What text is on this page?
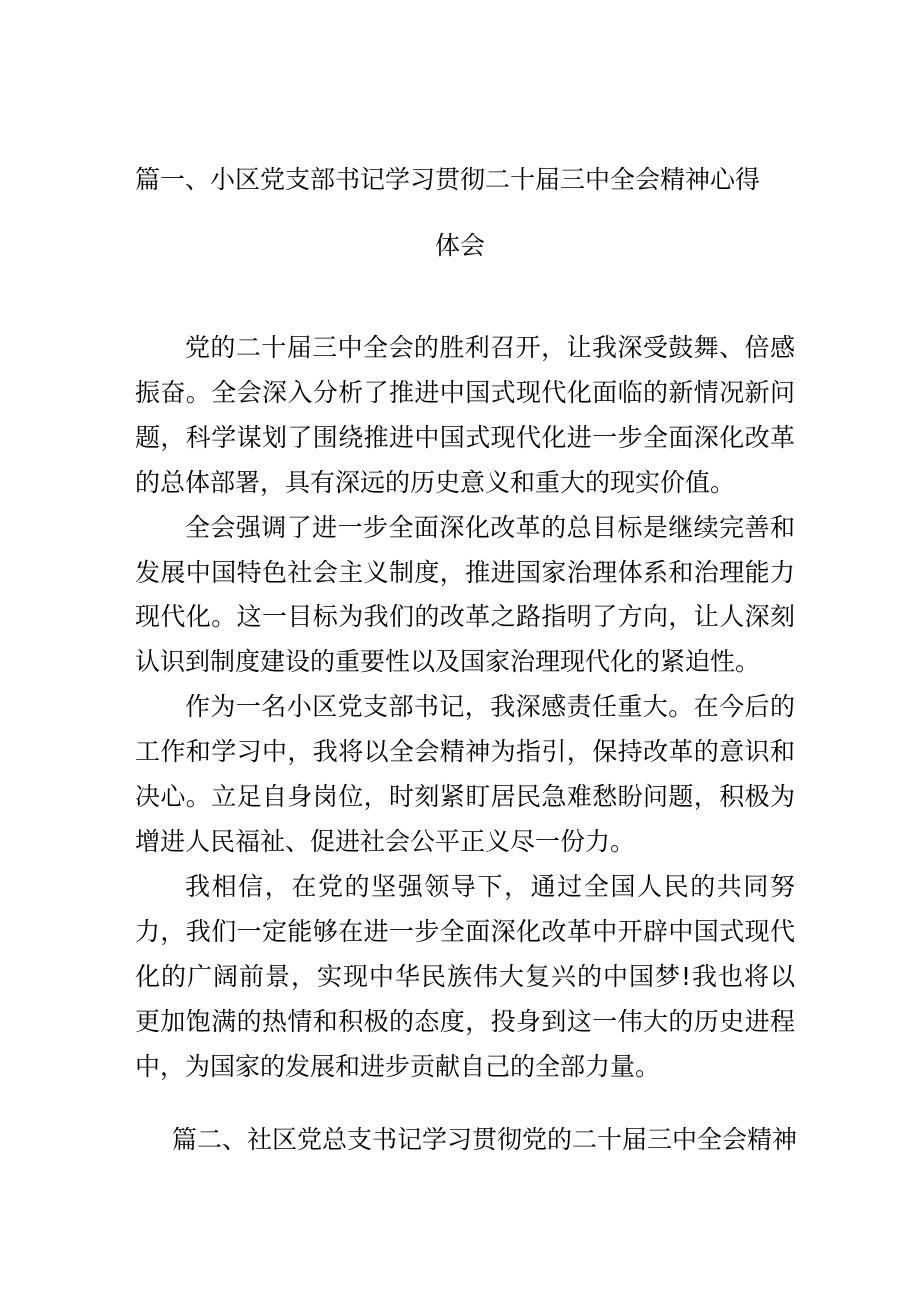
篇一、小区党支部书记学习贯彻二十届三中全会精神心得
体会

党的二十届三中全会的胜利召开，让我深受鼓舞、倍感振奋。全会深入分析了推进中国式现代化面临的新情况新问题，科学谋划了围绕推进中国式现代化进一步全面深化改革的总体部署，具有深远的历史意义和重大的现实价值。

全会强调了进一步全面深化改革的总目标是继续完善和发展中国特色社会主义制度，推进国家治理体系和治理能力现代化。这一目标为我们的改革之路指明了方向，让人深刻认识到制度建设的重要性以及国家治理现代化的紧迫性。

作为一名小区党支部书记，我深感责任重大。在今后的工作和学习中，我将以全会精神为指引，保持改革的意识和决心。立足自身岗位，时刻紧盯居民急难愁盼问题，积极为增进人民福祉、促进社会公平正义尽一份力。

我相信，在党的坚强领导下，通过全国人民的共同努力，我们一定能够在进一步全面深化改革中开辟中国式现代化的广阔前景，实现中华民族伟大复兴的中国梦!我也将以更加饱满的热情和积极的态度，投身到这一伟大的历史进程中，为国家的发展和进步贡献自己的全部力量。

篇二、社区党总支书记学习贯彻党的二十届三中全会精神
